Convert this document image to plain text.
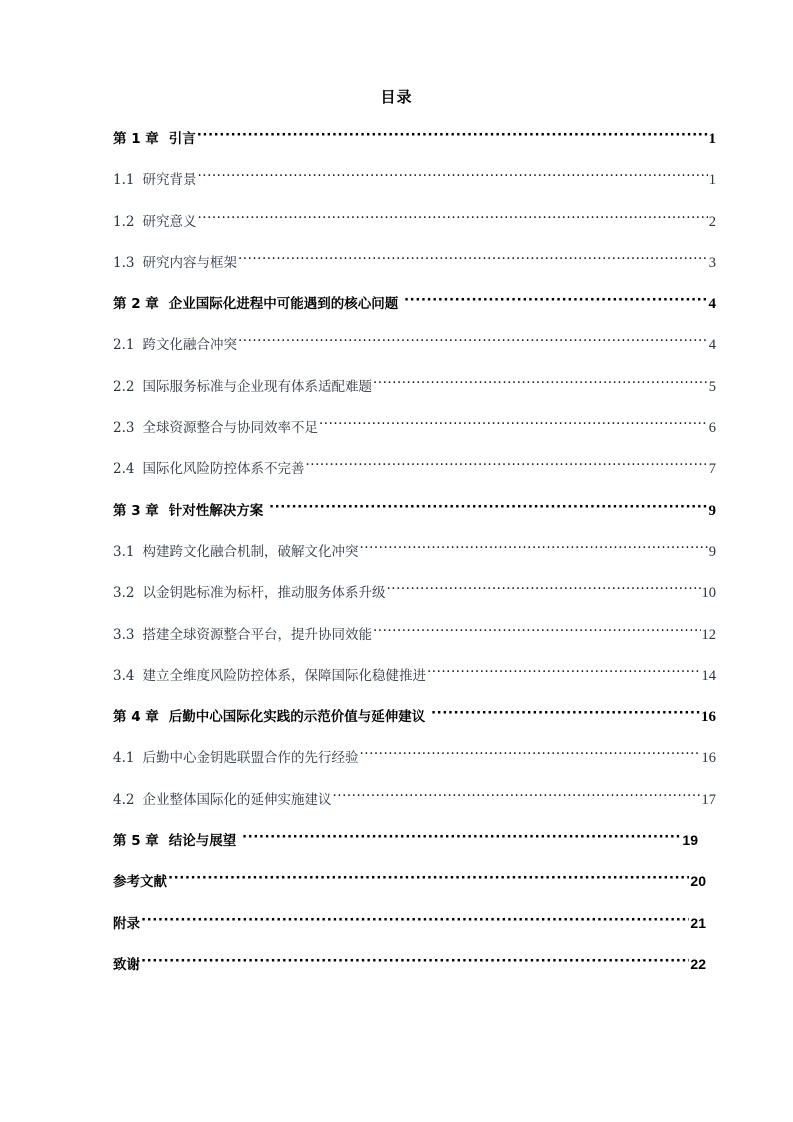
目录
第 1 章 引言 ·····	1
1.1 研究背景 ·····	1
1.2 研究意义 ·····	2
1.3 研究内容与框架 ·····	3
第 2 章 企业国际化进程中可能遇到的核心问题 ·····	4
2.1 跨文化融合冲突 ·····	4
2.2 国际服务标准与企业现有体系适配难题 ·····	5
2.3 全球资源整合与协同效率不足 ·····	6
2.4 国际化风险防控体系不完善 ·····	7
第 3 章 针对性解决方案 ·····	9
3.1 构建跨文化融合机制，破解文化冲突 ·····	9
3.2 以金钥匙标准为标杆，推动服务体系升级 ·····	10
3.3 搭建全球资源整合平台，提升协同效能 ·····	12
3.4 建立全维度风险防控体系，保障国际化稳健推进 ·····	14
第 4 章 后勤中心国际化实践的示范价值与延伸建议 ·····	16
4.1 后勤中心金钥匙联盟合作的先行经验 ·····	16
4.2 企业整体国际化的延伸实施建议 ·····	17
第 5 章 结论与展望 ·····	19
参考文献 ·····	20
附录 ·····	21
致谢 ·····	22
